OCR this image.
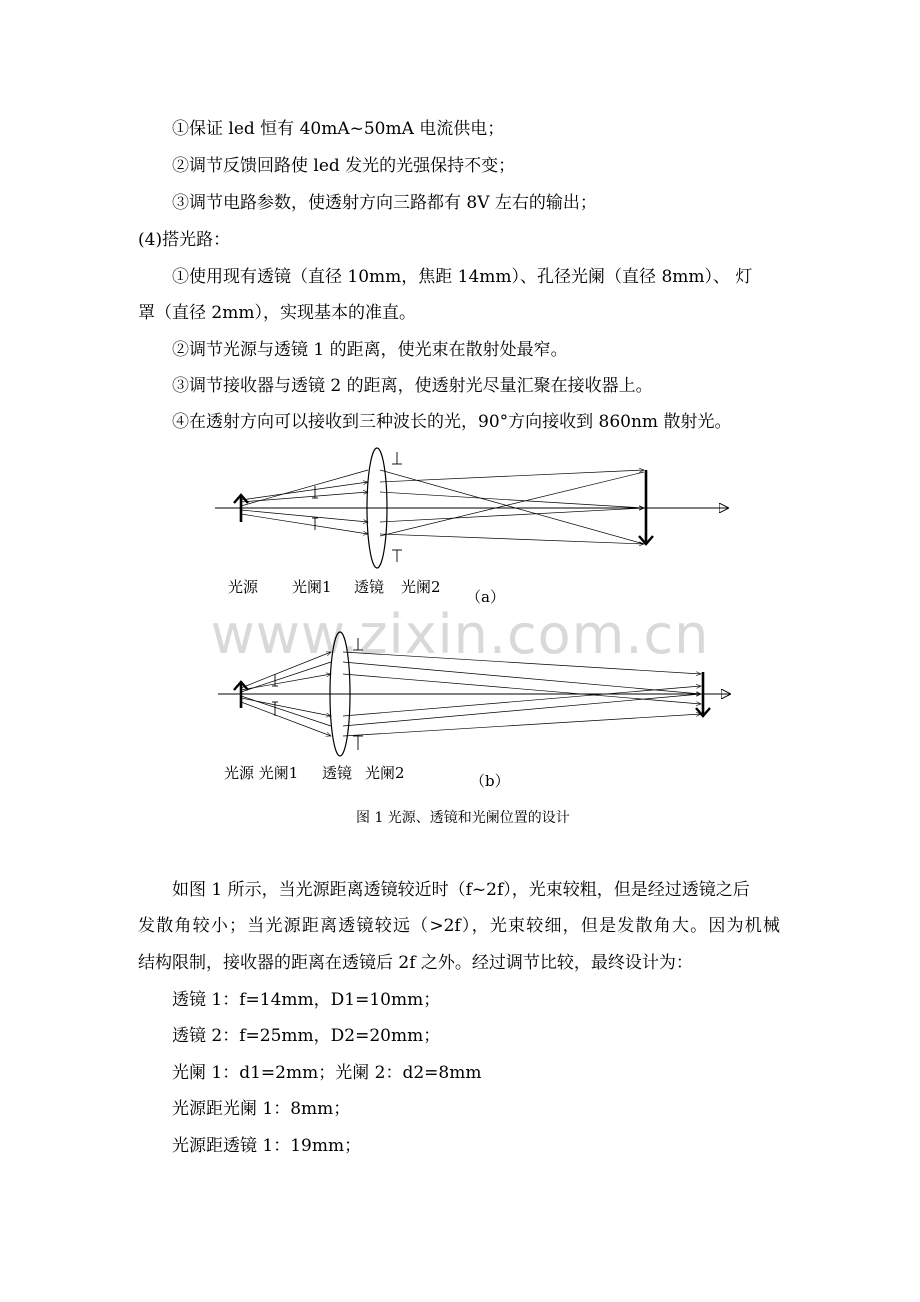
www.zixin.com.cn
①保证 led 恒有 40mA~50mA 电流供电；
②调节反馈回路使 led 发光的光强保持不变；
③调节电路参数，使透射方向三路都有 8V 左右的输出；
(4)搭光路：
①使用现有透镜（直径 10mm，焦距 14mm）、孔径光阑（直径 8mm）、 灯
罩（直径 2mm），实现基本的准直。
②调节光源与透镜 1 的距离，使光束在散射处最窄。
③调节接收器与透镜 2 的距离，使透射光尽量汇聚在接收器上。
④在透射方向可以接收到三种波长的光，90°方向接收到 860nm 散射光。
光源 光阑1 透镜 光阑2
（a）
光源 光阑1 透镜 光阑2	（b）
图 1 光源、透镜和光阑位置的设计
如图 1 所示，当光源距离透镜较近时（f~2f），光束较粗，但是经过透镜之后
发散角较小；当光源距离透镜较远（>2f），光束较细，但是发散角大。因为机械
结构限制，接收器的距离在透镜后 2f 之外。经过调节比较，最终设计为：
透镜 1：f=14mm，D1=10mm；
透镜 2：f=25mm，D2=20mm；
光阑 1：d1=2mm；光阑 2：d2=8mm
光源距光阑 1：8mm；
光源距透镜 1：19mm；
